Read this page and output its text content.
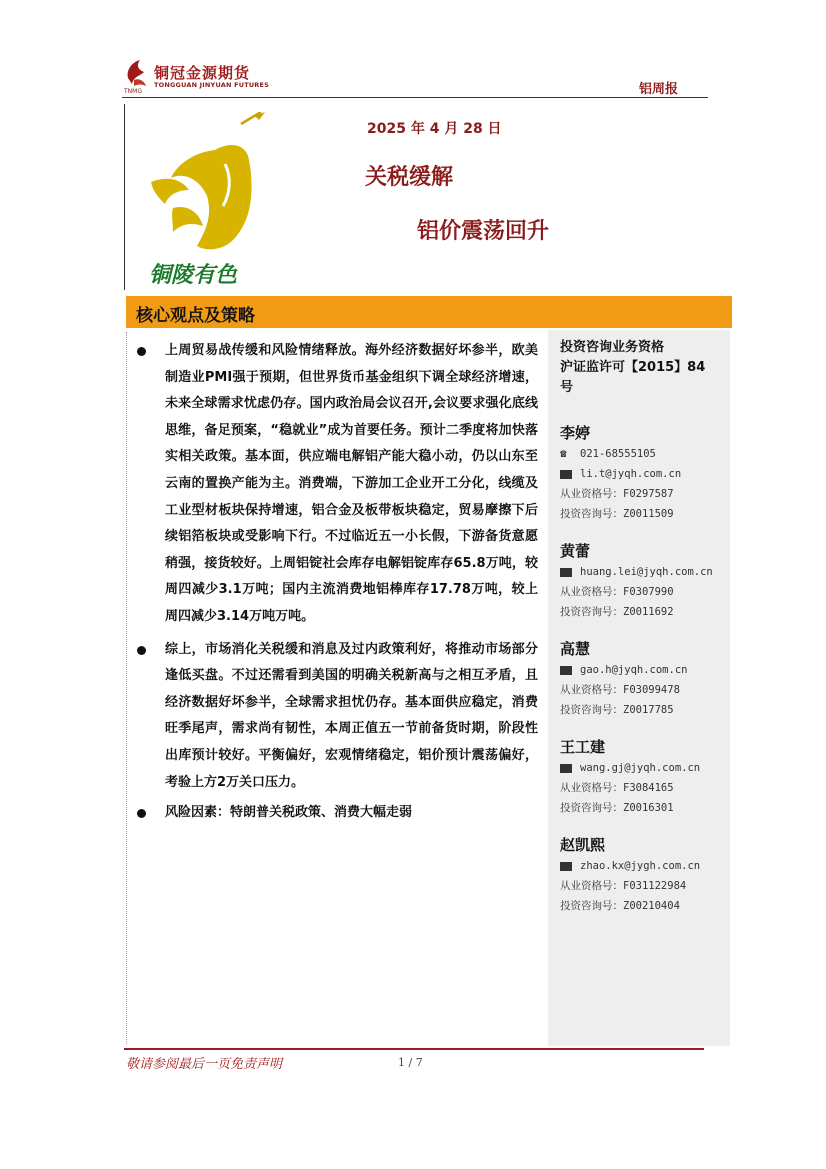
铜冠金源期货
TONGGUAN JINYUAN FUTURES
TNMG	铝周报
铜陵有色
2025 年 4 月 28 日
关税缓解
铝价震荡回升
核心观点及策略
上周贸易战传缓和风险情绪释放。海外经济数据好坏参半，欧美制造业PMI强于预期，但世界货币基金组织下调全球经济增速，未来全球需求忧虑仍存。国内政治局会议召开,会议要求强化底线思维，备足预案，“稳就业”成为首要任务。预计二季度将加快落实相关政策。基本面，供应端电解铝产能大稳小动，仍以山东至云南的置换产能为主。消费端，下游加工企业开工分化，线缆及工业型材板块保持增速，铝合金及板带板块稳定，贸易摩擦下后续铝箔板块或受影响下行。不过临近五一小长假，下游备货意愿稍强，接货较好。上周铝锭社会库存电解铝锭库存65.8万吨，较周四减少3.1万吨；国内主流消费地铝棒库存17.78万吨，较上周四减少3.14万吨万吨。
综上，市场消化关税缓和消息及过内政策利好，将推动市场部分逢低买盘。不过还需看到美国的明确关税新高与之相互矛盾，且经济数据好坏参半，全球需求担忧仍存。基本面供应稳定，消费旺季尾声，需求尚有韧性，本周正值五一节前备货时期，阶段性出库预计较好。平衡偏好，宏观情绪稳定，铝价预计震荡偏好，考验上方2万关口压力。
风险因素：特朗普关税政策、消费大幅走弱
投资咨询业务资格
沪证监许可【2015】84
号
李婷
☎ 021-68555105
li.t@jyqh.com.cn
从业资格号：F0297587
投资咨询号：Z0011509
黄蕾
huang.lei@jyqh.com.cn
从业资格号：F0307990
投资咨询号：Z0011692
高慧
gao.h@jyqh.com.cn
从业资格号：F03099478
投资咨询号：Z0017785
王工建
wang.gj@jyqh.com.cn
从业资格号：F3084165
投资咨询号：Z0016301
赵凯熙
zhao.kx@jygh.com.cn
从业资格号：F031122984
投资咨询号：Z00210404
敬请参阅最后一页免责声明	1 / 7
